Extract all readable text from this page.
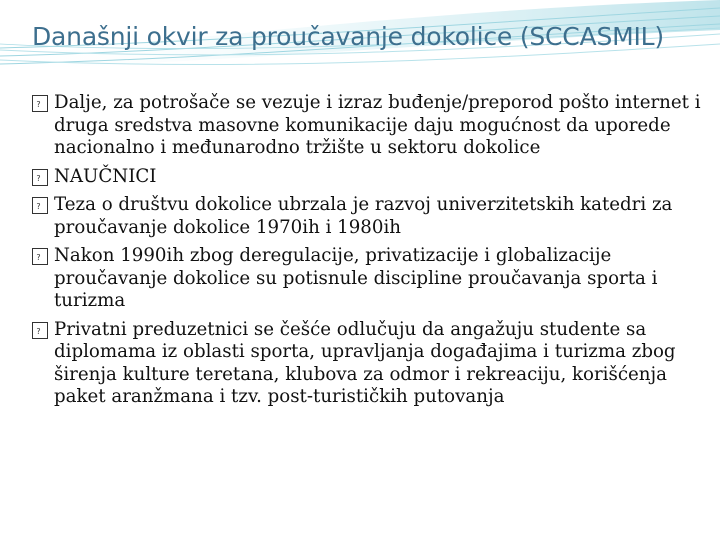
Današnji okvir za proučavanje dokolice (SCCASMIL)
? Dalje, za potrošače se vezuje i izraz buđenje/preporod pošto internet i druga sredstva masovne komunikacije daju mogućnost da uporede nacionalno i međunarodno tržište u sektoru dokolice
? NAUČNICI
? Teza o društvu dokolice ubrzala je razvoj univerzitetskih katedri za proučavanje dokolice 1970ih i 1980ih
? Nakon 1990ih zbog deregulacije, privatizacije i globalizacije proučavanje dokolice su potisnule discipline proučavanja sporta i turizma
? Privatni preduzetnici se češće odlučuju da angažuju studente sa diplomama iz oblasti sporta, upravljanja događajima i turizma zbog širenja kulture teretana, klubova za odmor i rekreaciju, korišćenja paket aranžmana i tzv. post-turističkih putovanja
